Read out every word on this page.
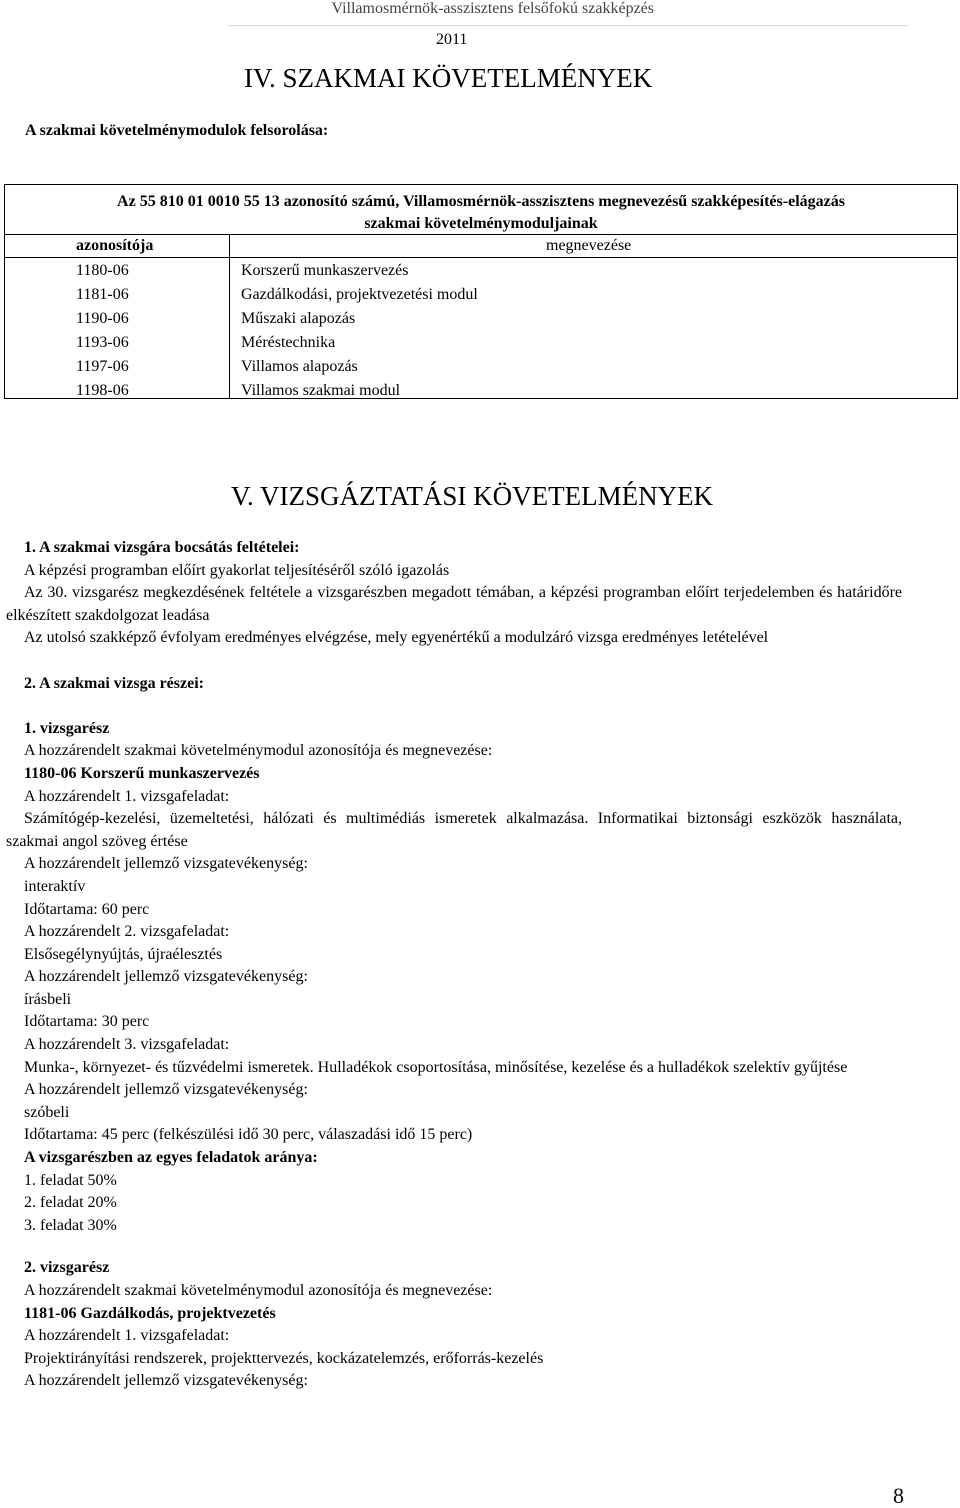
Villamosmérnök-asszisztens felsőfokú szakképzés
2011
IV. SZAKMAI KÖVETELMÉNYEK
A szakmai követelménymodulok felsorolása:
Az 55 810 01 0010 55 13 azonosító számú, Villamosmérnök-asszisztens megnevezésű szakképesítés-elágazás
szakmai követelménymoduljainak
azonosítója	megnevezése
1180-06	Korszerű munkaszervezés
1181-06	Gazdálkodási, projektvezetési modul
1190-06	Műszaki alapozás
1193-06	Méréstechnika
1197-06	Villamos alapozás
1198-06	Villamos szakmai modul
V. VIZSGÁZTATÁSI KÖVETELMÉNYEK

1. A szakmai vizsgára bocsátás feltételei:

A képzési programban előírt gyakorlat teljesítéséről szóló igazolás

Az 30. vizsgarész megkezdésének feltétele a vizsgarészben megadott témában, a képzési programban előírt terjedelemben és határidőre elkészített szakdolgozat leadása

Az utolsó szakképző évfolyam eredményes elvégzése, mely egyenértékű a modulzáró vizsga eredményes letételével

2. A szakmai vizsga részei:

1. vizsgarész

A hozzárendelt szakmai követelménymodul azonosítója és megnevezése:

1180-06 Korszerű munkaszervezés

A hozzárendelt 1. vizsgafeladat:

Számítógép-kezelési, üzemeltetési, hálózati és multimédiás ismeretek alkalmazása. Informatikai biztonsági eszközök használata, szakmai angol szöveg értése

A hozzárendelt jellemző vizsgatevékenység:

interaktív

Időtartama: 60 perc

A hozzárendelt 2. vizsgafeladat:

Elsősegélynyújtás, újraélesztés

A hozzárendelt jellemző vizsgatevékenység:

írásbeli

Időtartama: 30 perc

A hozzárendelt 3. vizsgafeladat:

Munka-, környezet- és tűzvédelmi ismeretek. Hulladékok csoportosítása, minősítése, kezelése és a hulladékok szelektív gyűjtése

A hozzárendelt jellemző vizsgatevékenység:

szóbeli

Időtartama: 45 perc (felkészülési idő 30 perc, válaszadási idő 15 perc)

A vizsgarészben az egyes feladatok aránya:

1. feladat 50%

2. feladat 20%

3. feladat 30%

2. vizsgarész

A hozzárendelt szakmai követelménymodul azonosítója és megnevezése:

1181-06 Gazdálkodás, projektvezetés

A hozzárendelt 1. vizsgafeladat:

Projektirányítási rendszerek, projekttervezés, kockázatelemzés, erőforrás-kezelés

A hozzárendelt jellemző vizsgatevékenység:

8
